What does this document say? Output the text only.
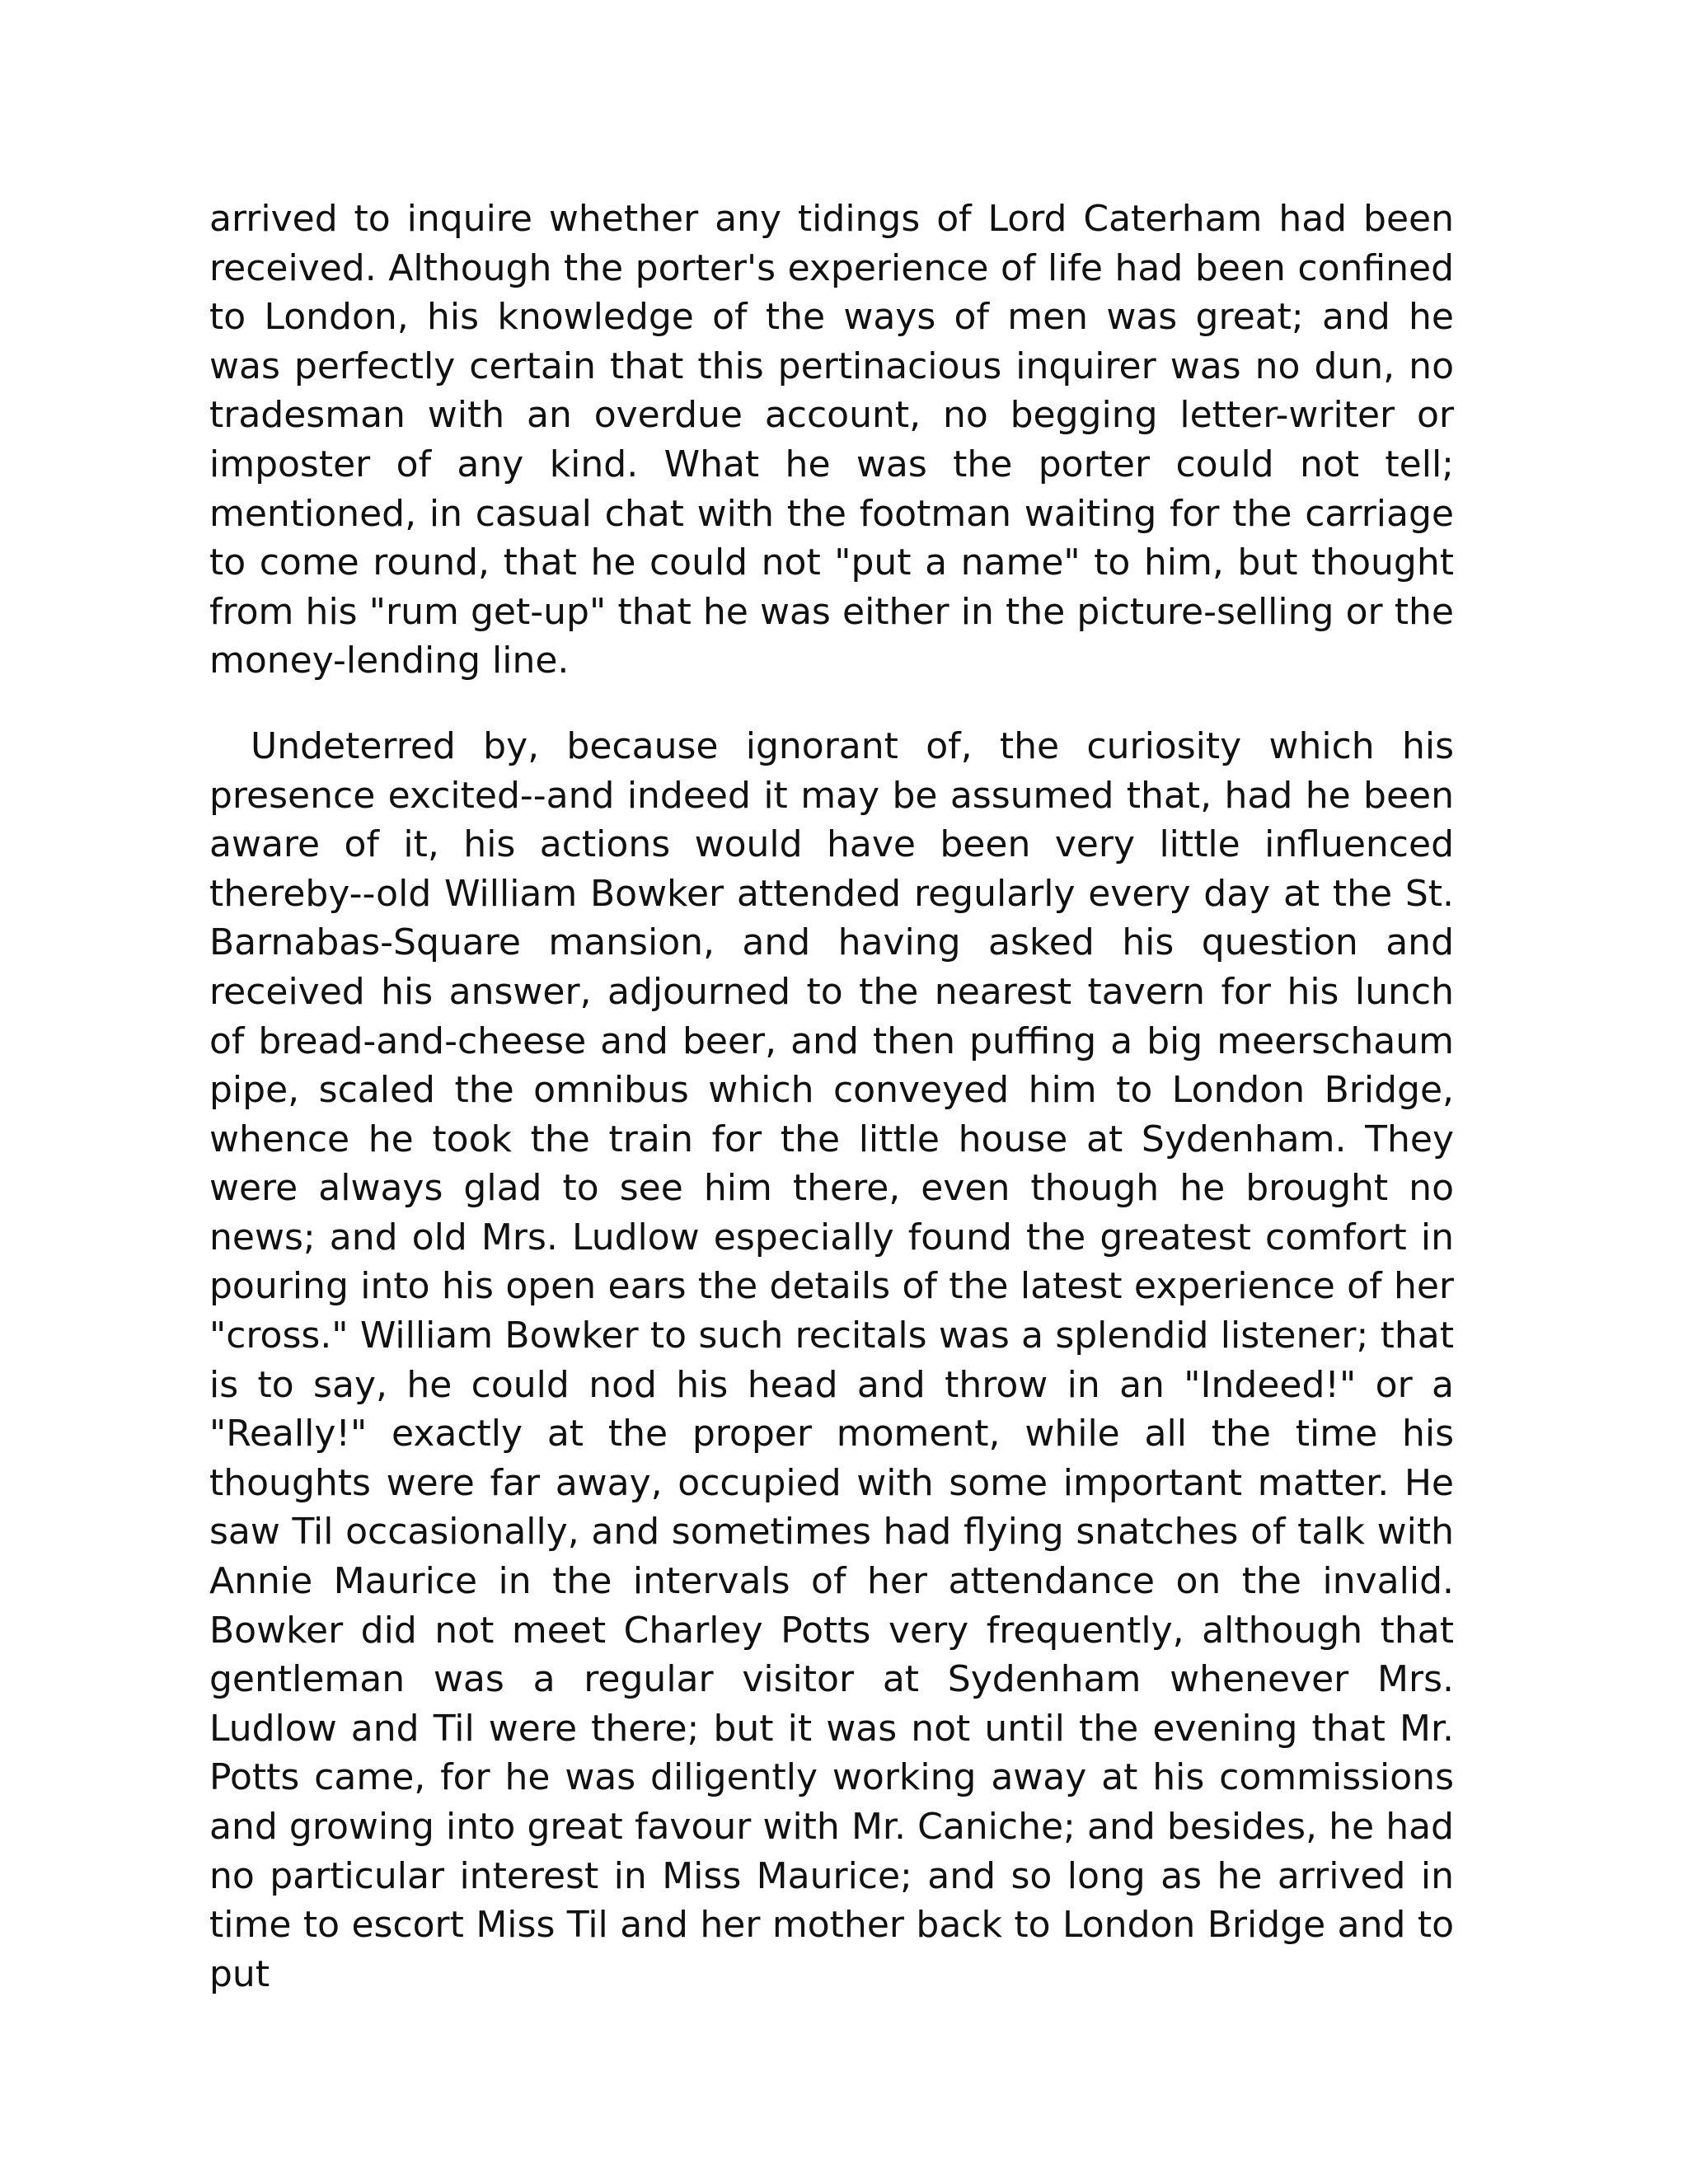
arrived to inquire whether any tidings of Lord Caterham had been received. Although the porter's experience of life had been confined to London, his knowledge of the ways of men was great; and he was perfectly certain that this pertinacious inquirer was no dun, no tradesman with an overdue account, no begging letter-writer or imposter of any kind. What he was the porter could not tell; mentioned, in casual chat with the footman waiting for the carriage to come round, that he could not "put a name" to him, but thought from his "rum get-up" that he was either in the picture-selling or the money-lending line.

Undeterred by, because ignorant of, the curiosity which his presence excited--and indeed it may be assumed that, had he been aware of it, his actions would have been very little influenced thereby--old William Bowker attended regularly every day at the St. Barnabas-Square mansion, and having asked his question and received his answer, adjourned to the nearest tavern for his lunch of bread-and-cheese and beer, and then puffing a big meerschaum pipe, scaled the omnibus which conveyed him to London Bridge, whence he took the train for the little house at Sydenham. They were always glad to see him there, even though he brought no news; and old Mrs. Ludlow especially found the greatest comfort in pouring into his open ears the details of the latest experience of her "cross." William Bowker to such recitals was a splendid listener; that is to say, he could nod his head and throw in an "Indeed!" or a "Really!" exactly at the proper moment, while all the time his thoughts were far away, occupied with some important matter. He saw Til occasionally, and sometimes had flying snatches of talk with Annie Maurice in the intervals of her attendance on the invalid. Bowker did not meet Charley Potts very frequently, although that gentleman was a regular visitor at Sydenham whenever Mrs. Ludlow and Til were there; but it was not until the evening that Mr. Potts came, for he was diligently working away at his commissions and growing into great favour with Mr. Caniche; and besides, he had no particular interest in Miss Maurice; and so long as he arrived in time to escort Miss Til and her mother back to London Bridge and to put
